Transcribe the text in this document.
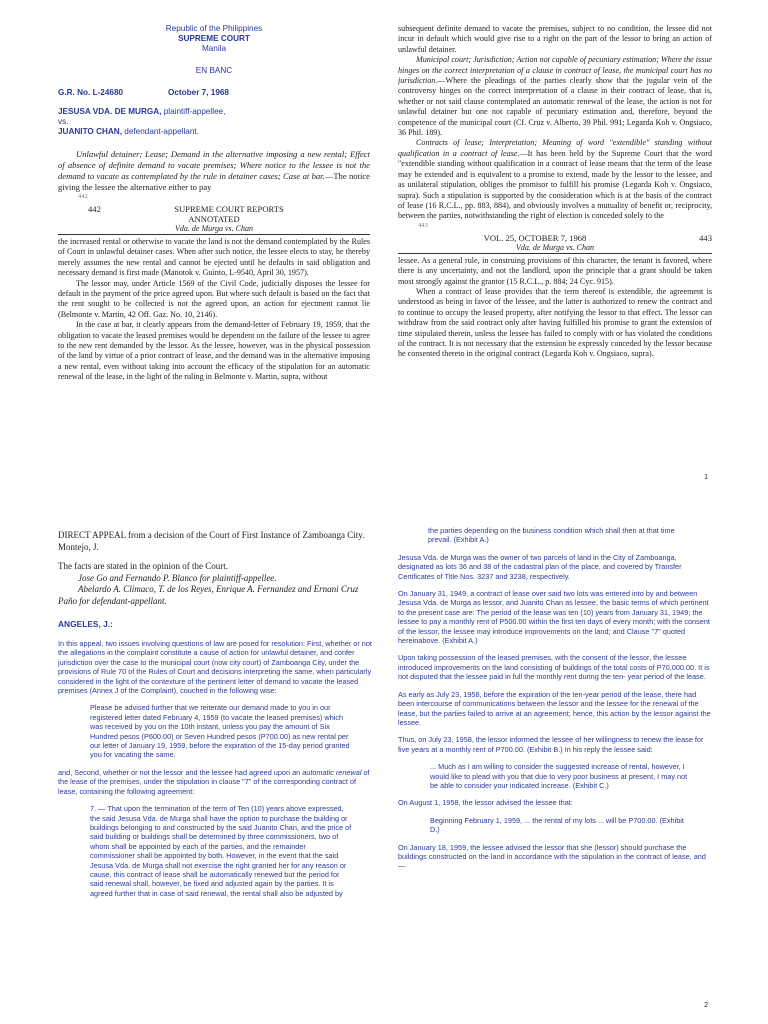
Republic of the Philippines
SUPREME COURT
Manila
EN BANC
G.R. No. L-24680	October 7, 1968
JESUSA VDA. DE MURGA, plaintiff-appellee,
vs.
JUANITO CHAN, defendant-appellant.
Unlawful detainer; Lease; Demand in the alternative imposing a new rental; Effect of absence of definite demand to vacate premises; Where notice to the lessee is not the demand to vacate as contemplated by the rule in detainer cases; Case at bar.—The notice giving the lessee the alternative either to pay
442
442	SUPREME COURT REPORTS
ANNOTATED
Vda. de Murga vs. Chan
the increased rental or otherwise to vacate the land is not the demand contemplated by the Rules of Court in unlawful detainer cases. When after such notice, the lessee elects to stay, he thereby merely assumes the new rental and cannot be ejected until he defaults in said obligation and necessary demand is first made (Manotok v. Guinto, L-9540, April 30, 1957).
The lessor may, under Article 1569 of the Civil Code, judicially disposes the lessee for default in the payment of the price agreed upon. But where such default is based on the fact that the rent sought to be collected is not the agreed upon, an action for ejectment cannot lie (Belmonte v. Martin, 42 Off. Gaz. No. 10, 2146).
In the case at bar, it clearly appears from the demand-letter of February 19, 1959, that the obligation to vacate the leased premises would be dependent on the failure of the lessee to agree to the new rent demanded by the lessor. As the lessee, however, was in the physical possession of the land by virtue of a prior contract of lease, and the demand was in the alternative imposing a new rental, even without taking into account the efficacy of the stipulation for an automatic renewal of the lease, in the light of the ruling in Belmonte v. Martin, supra, without
subsequent definite demand to vacate the premises, subject to no condition, the lessee did not incur in default which would give rise to a right on the part of the lessor to bring an action of unlawful detainer.
Municipal court; Jurisdiction; Action not capable of pecuniary estimation; Where the issue hinges on the correct interpretation of a clause in contract of lease, the municipal court has no jurisdiction.—Where the pleadings of the parties clearly show that the jugular vein of the controversy hinges on the correct interpretation of a clause in their contract of lease, that is, whether or not said clause contemplated an automatic renewal of the lease, the action is not for unlawful detainer but one not capable of pecuniary estimation and, therefore, beyond the competence of the municipal court (Cf. Cruz v. Alberto, 39 Phil. 991; Legarda Koh v. Ongsiaco, 36 Phil. 189).
Contracts of lease; Interpretation; Meaning of word "extendible" standing without qualification in a contract of lease.—It has been held by the Supreme Court that the word "extendible standing without qualification in a contract of lease means that the term of the lease may be extended and is equivalent to a promise to extend, made by the lessor to the lessee, and as unilateral stipulation, obliges the promisor to fulfill his promise (Legarda Koh v. Ongsiaco, supra). Such a stipulation is supported by the consideration which is at the basis of the contract of lease (16 R.C.L., pp. 883, 884), and obviously involves a mutuality of benefit or, reciprocity, between the parties, notwithstanding the right of election is conceded solely to the
443
VOL. 25, OCTOBER 7, 1968	443
Vda. de Murga vs. Chan
lessee. As a general rule, in construing provisions of this character, the tenant is favored, where there is any uncertainty, and not the landlord, upon the principle that a grant should be taken most strongly against the grantor (15 R.C.L., p. 884; 24 Cyc. 915).
When a contract of lease provides that the term thereof is extendible, the agreement is understood as being in favor of the lessee, and the latter is authorized to renew the contract and to continue to occupy the leased property, after notifying the lessor to that effect. The lessor can withdraw from the said contract only after having fulfilled his promise to grant the extension of time stipulated therein, unless the lessee has failed to comply with or has violated the conditions of the contract. It is not necessary that the extension be expressly conceded by the lessor because he consented thereto in the original contract (Legarda Koh v. Ongsiaco, supra).
1
DIRECT APPEAL from a decision of the Court of First Instance of Zamboanga City. Montejo, J.
The facts are stated in the opinion of the Court.
Jose Go and Fernando P. Blanco for plaintiff-appellee.
Abelardo A. Climaco, T. de los Reyes, Enrique A. Fernandez and Ernani Cruz Paño for defendant-appellant.
ANGELES, J.:

In this appeal, two issues involving questions of law are posed for resolution: First, whether or not the allegations in the complaint constitute a cause of action for unlawful detainer, and confer jurisdiction over the case to the municipal court (now city court) of Zamboanga City, under the provisions of Rule 70 of the Rules of Court and decisions interpreting the same, when particularly considered in the light of the contexture of the pertinent letter of demand to vacate the leased premises (Annex J of the Complaint), couched in the following wise:

Please be advised further that we reiterate our demand made to you in our registered letter dated February 4, 1959 (to vacate the leased premises) which was received by you on the 10th instant, unless you pay the amount of Six Hundred pesos (P600.00) or Seven Hundred pesos (P700.00) as new rental per our letter of January 19, 1959, before the expiration of the 15-day period granted you for vacating the same.

and, Second, whether or not the lessor and the lessee had agreed upon an automatic renewal of the lease of the premises, under the stipulation in clause "7" of the corresponding contract of lease, containing the following agreement:

7. — That upon the termination of the term of Ten (10) years above expressed, the said Jesusa Vda. de Murga shall have the option to purchase the building or buildings belonging to and constructed by the said Juanito Chan, and the price of said building or buildings shall be determined by three commissioners, two of whom shall be appointed by each of the parties, and the remainder commissioner shall be appointed by both. However, in the event that the said Jesusa Vda. de Murga shall not exercise the right granted her for any reason or cause, this contract of lease shall be automatically renewed but the period for said renewal shall, however, be fixed and adjusted again by the parties. It is agreed further that in case of said renewal, the rental shall also be adjusted by

the parties depending on the business condition which shall then at that time prevail. (Exhibit A.)

Jesusa Vda. de Murga was the owner of two parcels of land in the City of Zamboanga, designated as lots 36 and 38 of the cadastral plan of the place, and covered by Transfer Certificates of Title Nos. 3237 and 3238, respectively.

On January 31, 1949, a contract of lease over said two lots was entered into by and between Jesusa Vda. de Murga as lessor, and Juanito Chan as lessee, the basic terms of which pertinent to the present case are: The period of the lease was ten (10) years from January 31, 1949; the lessee to pay a monthly rent of P500.00 within the first ten days of every month; with the consent of the lessor, the lessee may introduce improvements on the land; and Clause "7" quoted hereinabove. (Exhibit A.)

Upon taking possession of the leased premises, with the consent of the lessor, the lessee introduced improvements on the land consisting of buildings of the total costs of P70,000.00. It is not disputed that the lessee paid in full the monthly rent during the ten- year period of the lease.

As early as July 23, 1958, before the expiration of the ten-year period of the lease, there had been intercourse of communications between the lessor and the lessee for the renewal of the lease, but the parties failed to arrive at an agreement; hence, this action by the lessor against the lessee.

Thus, on July 23, 1958, the lessor informed the lessee of her willingness to renew the lease for five years at a monthly rent of P700.00. (Exhibit B.) In his reply the lessee said:

... Much as I am willing to consider the suggested increase of rental, however, I would like to plead with you that due to very poor business at present, I may not be able to consider your indicated increase. (Exhibit C.)

On August 1, 1958, the lessor advised the lessee that:

Beginning February 1, 1959, ... the rental of my lots ... will be P700.00. (Exhibit D.)

On January 18, 1959, the lessee advised the lessor that she (lessor) should purchase the buildings constructed on the land in accordance with the stipulation in the contract of lease, and —

2
